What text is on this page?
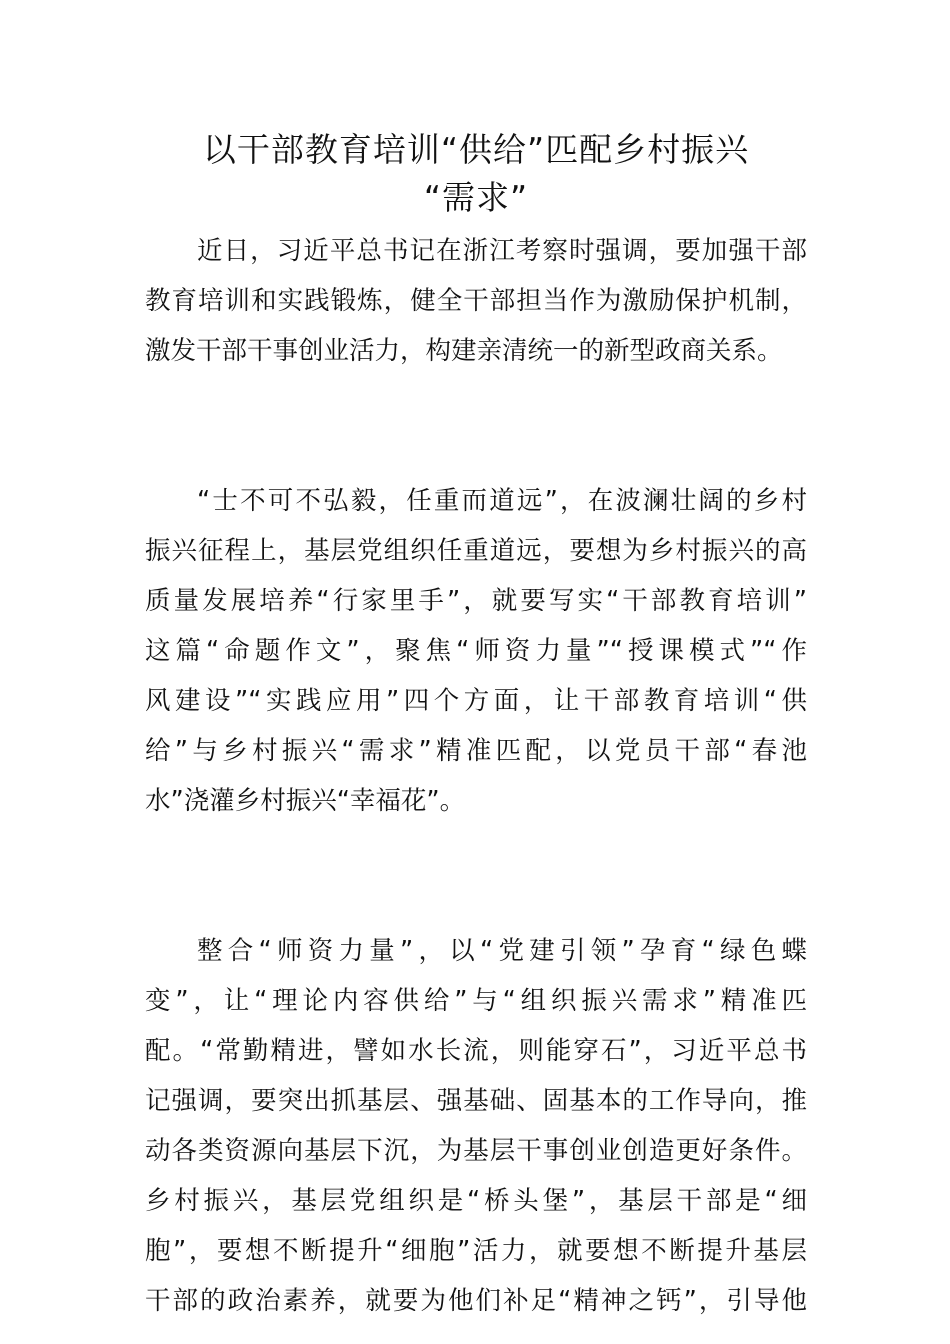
以干部教育培训“供给”匹配乡村振兴
“需求”
近日，习近平总书记在浙江考察时强调，要加强干部
教育培训和实践锻炼，健全干部担当作为激励保护机制，
激发干部干事创业活力，构建亲清统一的新型政商关系。
“士不可不弘毅，任重而道远”，在波澜壮阔的乡村
振兴征程上，基层党组织任重道远，要想为乡村振兴的高
质量发展培养“行家里手”，就要写实“干部教育培训”
这篇“命题作文”，聚焦“师资力量”“授课模式”“作
风建设”“实践应用”四个方面，让干部教育培训“供
给”与乡村振兴“需求”精准匹配，以党员干部“春池
水”浇灌乡村振兴“幸福花”。
整合“师资力量”，以“党建引领”孕育“绿色蝶
变”，让“理论内容供给”与“组织振兴需求”精准匹
配。“常勤精进，譬如水长流，则能穿石”，习近平总书
记强调，要突出抓基层、强基础、固基本的工作导向，推
动各类资源向基层下沉，为基层干事创业创造更好条件。
乡村振兴，基层党组织是“桥头堡”，基层干部是“细
胞”，要想不断提升“细胞”活力，就要想不断提升基层
干部的政治素养，就要为他们补足“精神之钙”，引导他
